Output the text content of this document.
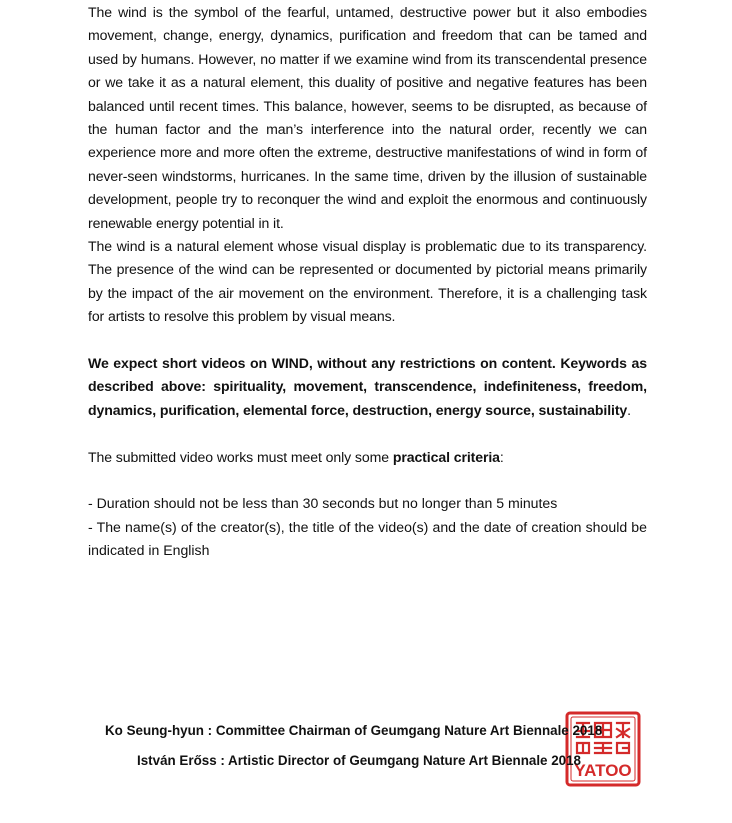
The wind is the symbol of the fearful, untamed, destructive power but it also embodies movement, change, energy, dynamics, purification and freedom that can be tamed and used by humans. However, no matter if we examine wind from its transcendental presence or we take it as a natural element, this duality of positive and negative features has been balanced until recent times. This balance, however, seems to be disrupted, as because of the human factor and the man’s interference into the natural order, recently we can experience more and more often the extreme, destructive manifestations of wind in form of never-seen windstorms, hurricanes. In the same time, driven by the illusion of sustainable development, people try to reconquer the wind and exploit the enormous and continuously renewable energy potential in it.

The wind is a natural element whose visual display is problematic due to its transparency. The presence of the wind can be represented or documented by pictorial means primarily by the impact of the air movement on the environment. Therefore, it is a challenging task for artists to resolve this problem by visual means.

We expect short videos on WIND, without any restrictions on content. Keywords as described above: spirituality, movement, transcendence, indefiniteness, freedom, dynamics, purification, elemental force, destruction, energy source, sustainability.

The submitted video works must meet only some practical criteria:

- Duration should not be less than 30 seconds but no longer than 5 minutes

- The name(s) of the creator(s), the title of the video(s) and the date of creation should be indicated in English

YATOO
Ko Seung-hyun : Committee Chairman of Geumgang Nature Art Biennale 2018
István Erőss : Artistic Director of Geumgang Nature Art Biennale 2018
